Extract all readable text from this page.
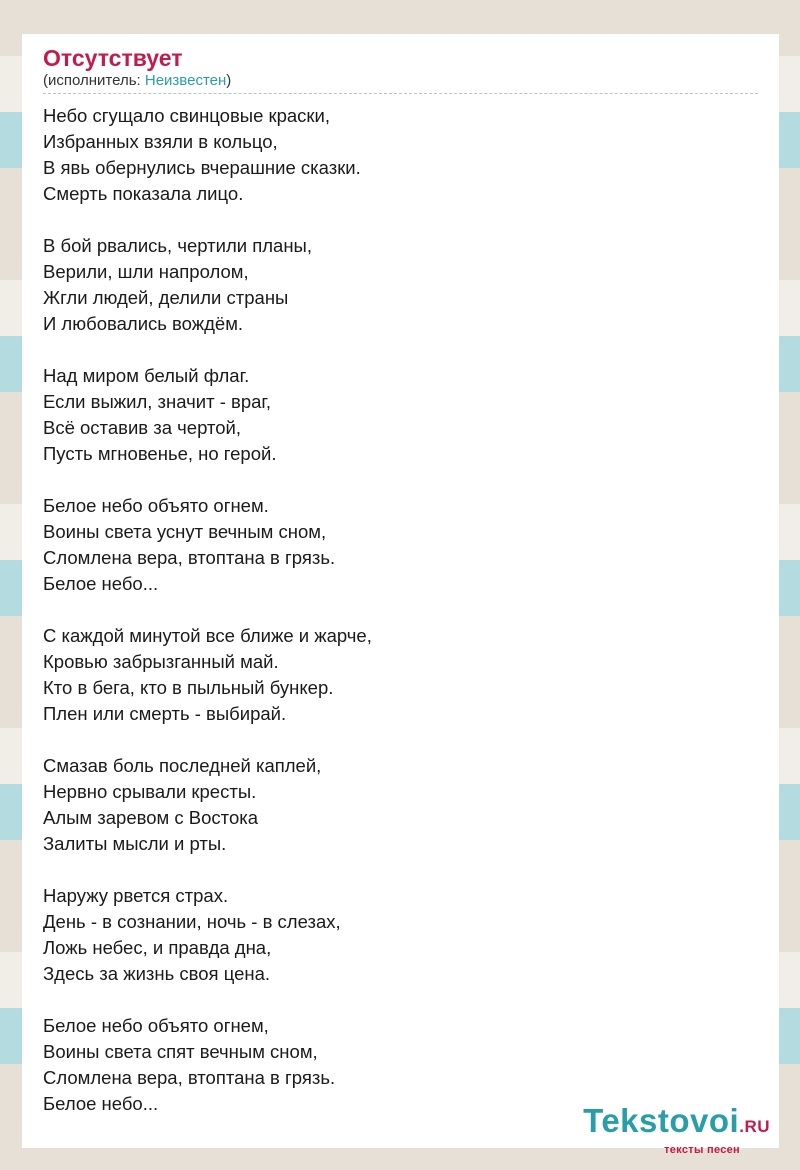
Отсутствует
(исполнитель: Неизвестен)
Небо сгущало свинцовые краски,
Избранных взяли в кольцо,
В явь обернулись вчерашние сказки.
Смерть показала лицо.
В бой рвались, чертили планы,
Верили, шли напролом,
Жгли людей, делили страны
И любовались вождём.
Над миром белый флаг.
Если выжил, значит - враг,
Всё оставив за чертой,
Пусть мгновенье, но герой.
Белое небо объято огнем.
Воины света уснут вечным сном,
Сломлена вера, втоптана в грязь.
Белое небо...
С каждой минутой все ближе и жарче,
Кровью забрызганный май.
Кто в бега, кто в пыльный бункер.
Плен или смерть - выбирай.
Смазав боль последней каплей,
Нервно срывали кресты.
Алым заревом с Востока
Залиты мысли и рты.
Наружу рвется страх.
День - в сознании, ночь - в слезах,
Ложь небес, и правда дна,
Здесь за жизнь своя цена.
Белое небо объято огнем,
Воины света спят вечным сном,
Сломлена вера, втоптана в грязь.
Белое небо...	Tekstovoi.RU
тексты песен
